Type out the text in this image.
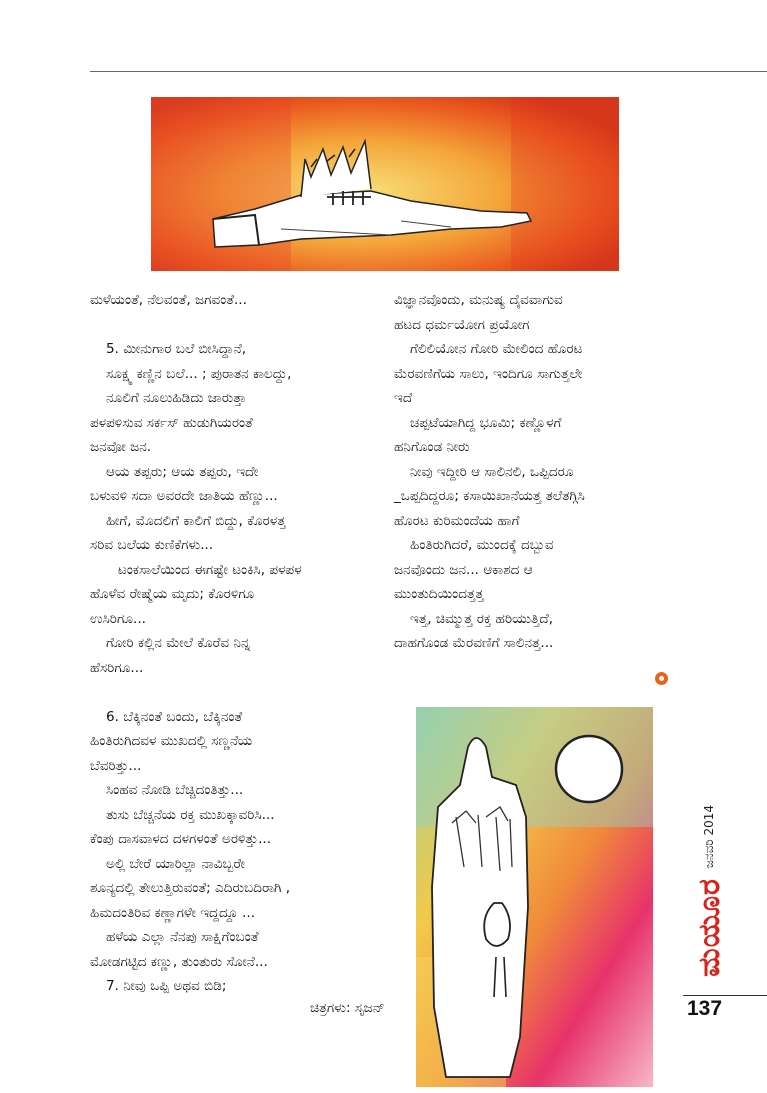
ಮಳೆಯಂತೆ, ನೆಲವಂತೆ, ಜಗವಂತೆ...

5. ಮೀನುಗಾರ ಬಲೆ ಬೀಸಿದ್ದಾನೆ,

ಸೂಕ್ಷ್ಮ ಕಣ್ಣಿನ ಬಲೆ... ; ಪುರಾತನ ಕಾಲದ್ದು,

ನೂಲಿಗೆ ನೂಲುಹಿಡಿದು ಜಾರುತ್ತಾ

ಪಳಪಳಿಸುವ ಸರ್ಕಸ್ ಹುಡುಗಿಯರಂತೆ

ಜನವೋ ಜನ.

ಆಯ ತಪ್ಪರು; ಆಯ ತಪ್ಪರು, ಇದೇ

ಬಳುವಳಿ ಸದಾ ಅವರದೇ ಜಾತಿಯ ಹೆಣ್ಣು...

ಹೀಗೆ, ಮೊದಲಿಗೆ ಕಾಲಿಗೆ ಬಿದ್ದು, ಕೊರಳತ್ತ

ಸರಿವ ಬಲೆಯ ಕುಣಿಕೆಗಳು...

ಟಂಕಸಾಲೆಯಿಂದ ಈಗಷ್ಟೇ ಟಂಕಿಸಿ, ಪಳಪಳ

ಹೊಳೆವ ರೇಷ್ಮೆಯ ಮೃದು; ಕೊರಳಿಗೂ

ಉಸಿರಿಗೂ...

ಗೋರಿ ಕಲ್ಲಿನ ಮೇಲೆ ಕೊರೆವ ನಿನ್ನ

ಹೆಸರಿಗೂ...

6. ಬೆಕ್ಕಿನಂತೆ ಬಂದು, ಬೆಕ್ಕಿನಂತೆ

ಹಿಂತಿರುಗಿದವಳ ಮುಖದಲ್ಲಿ ಸಣ್ಣನೆಯ

ಬೆವರಿತ್ತು...

ಸಿಂಹವ ನೋಡಿ ಬೆಚ್ಚಿದಂತಿತ್ತು...

ತುಸು ಬೆಚ್ಚನೆಯ ರಕ್ತ ಮುಖಕ್ಕಾವರಿಸಿ...

ಕೆಂಪು ದಾಸವಾಳದ ದಳಗಳಂತೆ ಅರಳಿತ್ತು...

ಅಲ್ಲಿ ಬೇರೆ ಯಾರಿಲ್ಲಾ ನಾವಿಬ್ಬರೇ

ಶೂನ್ಯದಲ್ಲಿ ತೇಲುತ್ತಿರುವಂತೆ; ಎದಿರುಬದಿರಾಗಿ ,

ಹಿಮದಂತಿರಿವ ಕಣ್ಣಾಗಳೇ ಇದ್ದದ್ದೂ ...

ಹಳೆಯ ಎಲ್ಲಾ ನೆನಪು ಸಾಕ್ಷಿಗೆಂಬಂತೆ

ಮೋಡಗಟ್ಟಿದ ಕಣ್ಣು, ತುಂತುರು ಸೋನೆ...

7. ನೀವು ಒಪ್ಪಿ ಅಥವ ಬಿಡಿ;

ವಿಜ್ಞಾನವೊಂದು, ಮನುಷ್ಯ ದೈವವಾಗುವ

ಹಟದ ಧರ್ಮಯೋಗ ಪ್ರಯೋಗ

ಗೆಲಿಲಿಯೋನ ಗೋರಿ ಮೇಲಿಂದ ಹೊರಟ

ಮೆರವಣಿಗೆಯ ಸಾಲು, ಇಂದಿಗೂ ಸಾಗುತ್ತಲೇ

ಇದೆ

ಚಪ್ಪಟೆಯಾಗಿದ್ದ ಭೂಮಿ; ಕಣ್ಣೊಳಗೆ

ಹನಿಗೊಂಡ ನೀರು

ನೀವು ಇದ್ದೀರಿ ಆ ಸಾಲಿನಲಿ, ಒಪ್ಪಿದರೂ

_ಒಪ್ಪದಿದ್ದರೂ; ಕಸಾಯಿಖಾನೆಯತ್ತ ತಲೆತಗ್ಗಿಸಿ

ಹೊರಟ ಕುರಿಮಂದೆಯ ಹಾಗೆ

ಹಿಂತಿರುಗಿದರೆ, ಮುಂದಕ್ಕೆ ದಬ್ಬುವ

ಜನವೊಂದು ಜನ... ಆಕಾಶದ ಆ

ಮುಂತುದಿಯಿಂದತ್ತತ್ತ

ಇತ್ತ, ಚಿಮ್ಮುತ್ತ ರಕ್ತ ಹರಿಯುತ್ತಿದೆ,

ದಾಹಗೊಂಡ ಮೆರವಣಿಗೆ ಸಾಲಿನತ್ತ...

ಚಿತ್ರಗಳು: ಸೃಜನ್
ಮಯೂರ
ಜನವರಿ 2014
137
